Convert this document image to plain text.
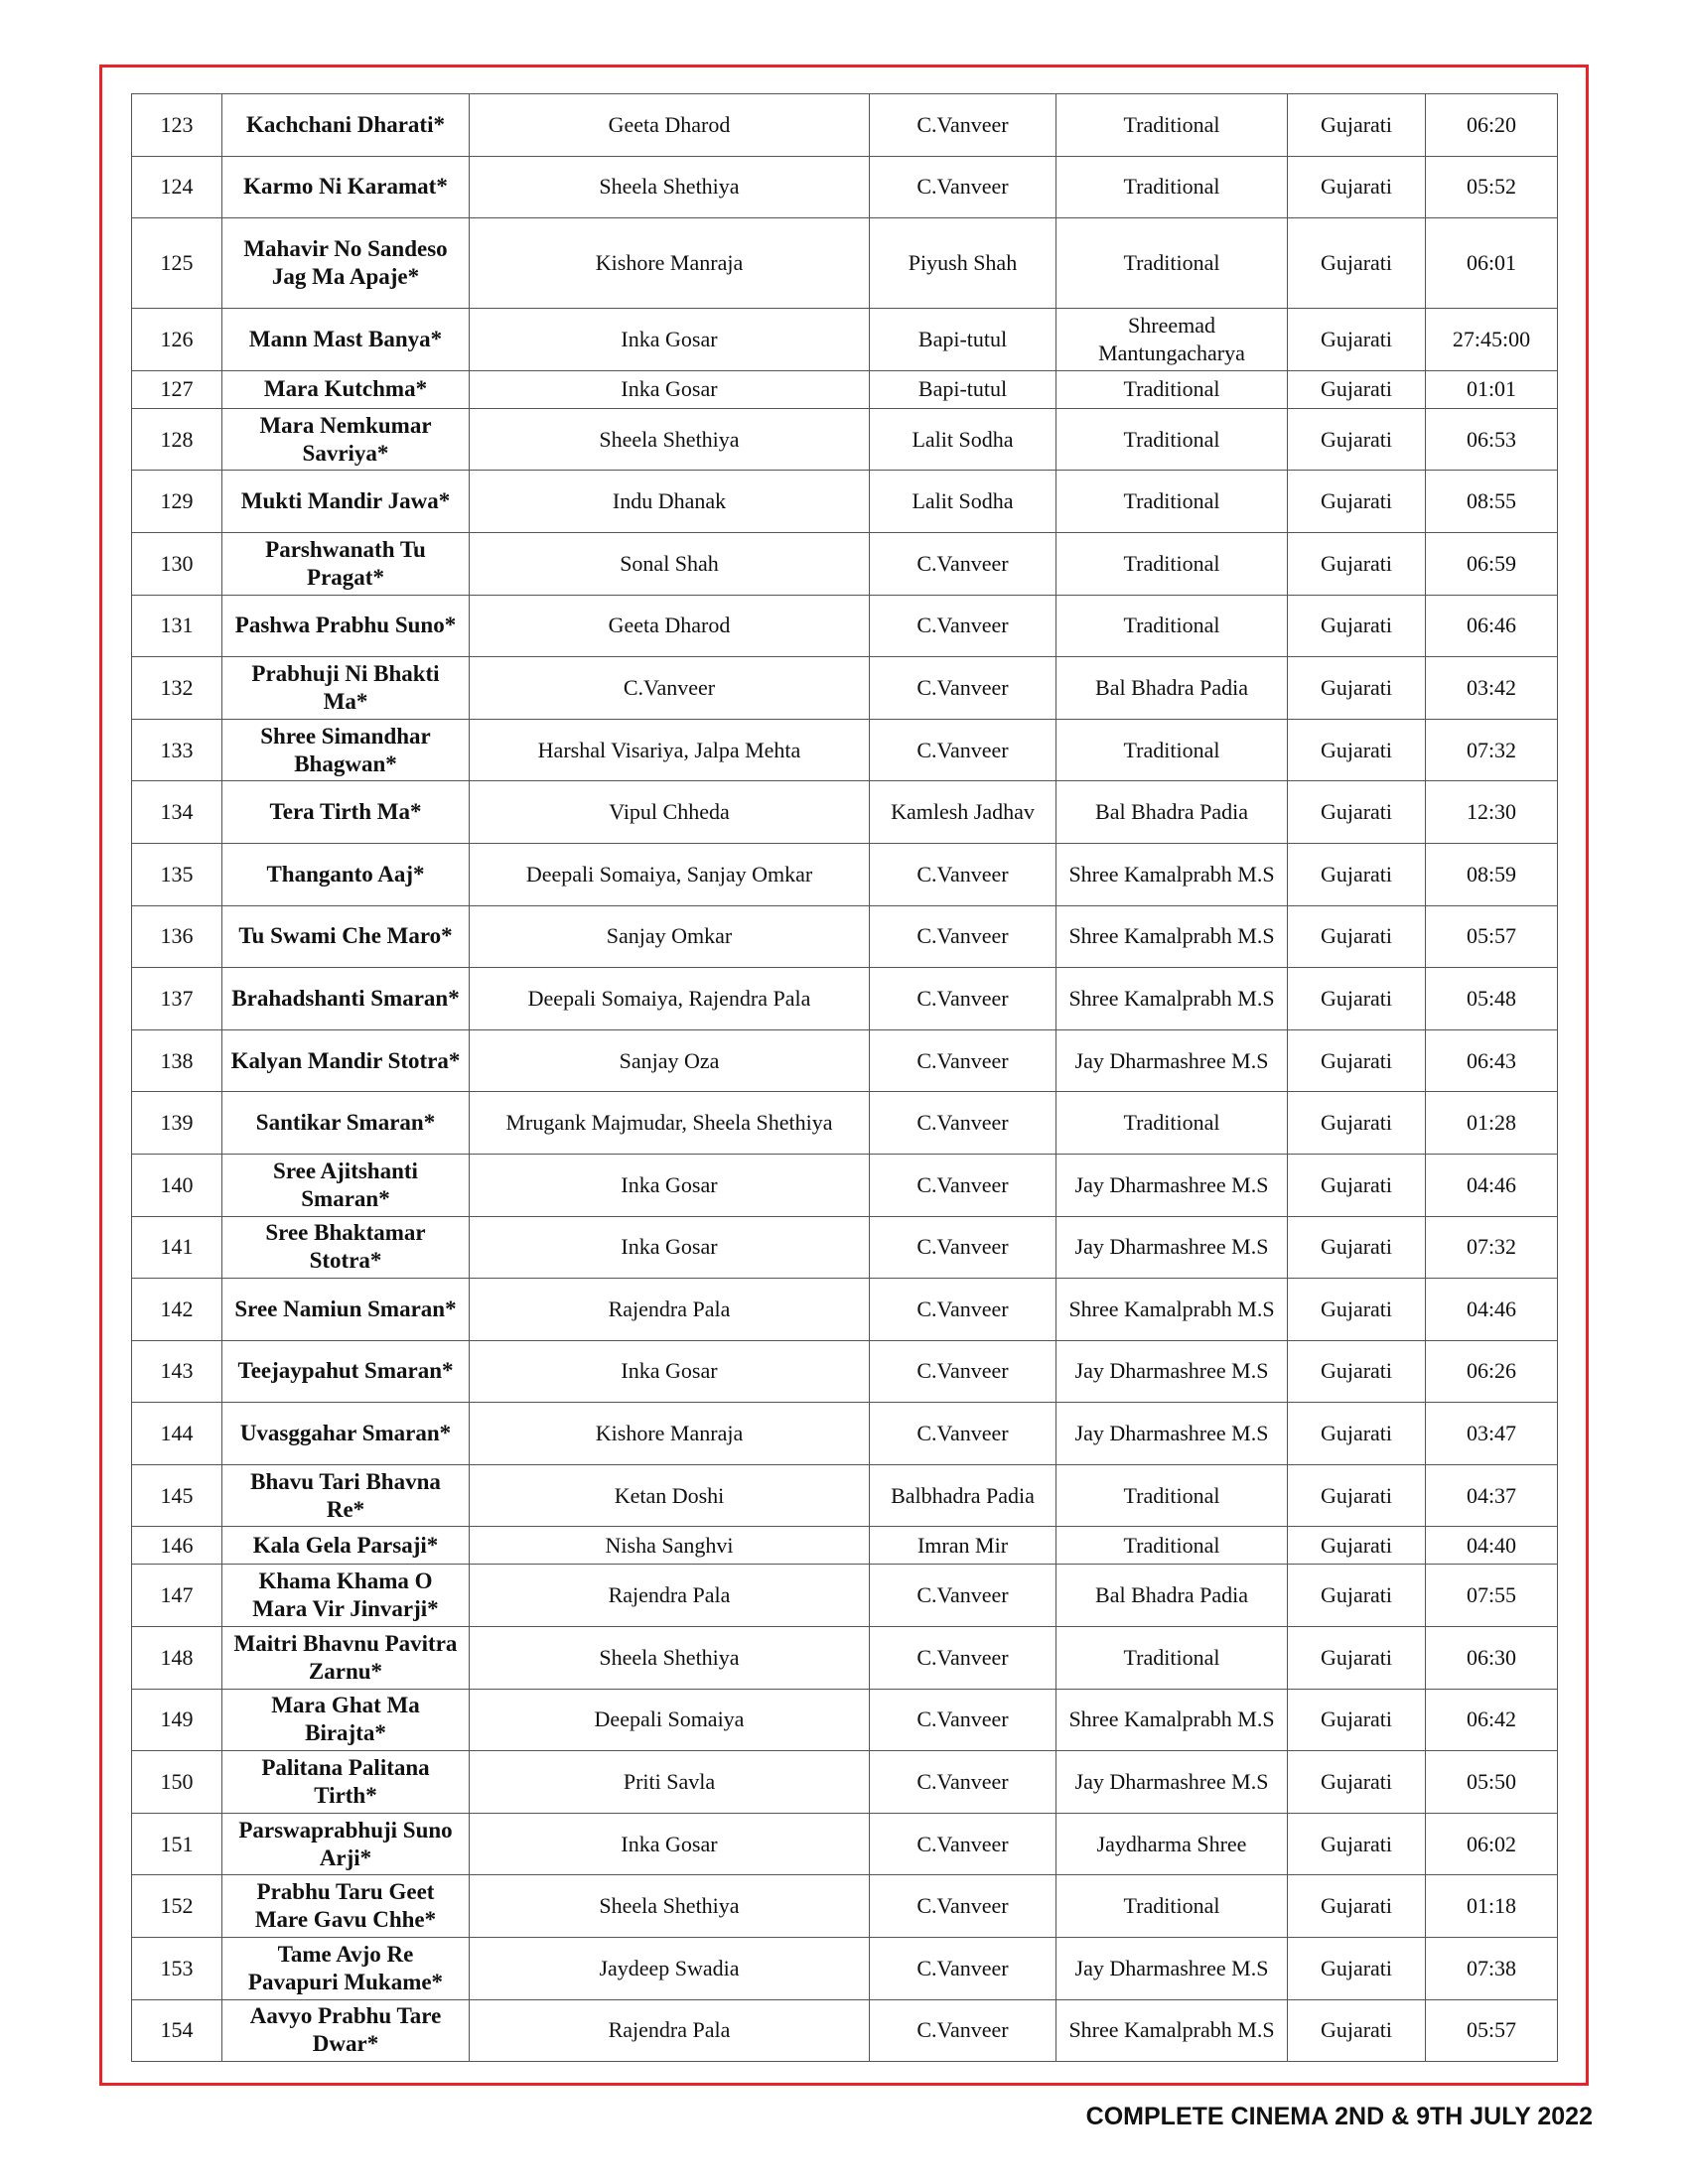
123	Kachchani Dharati*	Geeta Dharod	C.Vanveer	Traditional	Gujarati	06:20
124	Karmo Ni Karamat*	Sheela Shethiya	C.Vanveer	Traditional	Gujarati	05:52
125	Mahavir No Sandeso Jag Ma Apaje*	Kishore Manraja	Piyush Shah	Traditional	Gujarati	06:01
126	Mann Mast Banya*	Inka Gosar	Bapi-tutul	Shreemad Mantungacharya	Gujarati	27:45:00
127	Mara Kutchma*	Inka Gosar	Bapi-tutul	Traditional	Gujarati	01:01
128	Mara Nemkumar Savriya*	Sheela Shethiya	Lalit Sodha	Traditional	Gujarati	06:53
129	Mukti Mandir Jawa*	Indu Dhanak	Lalit Sodha	Traditional	Gujarati	08:55
130	Parshwanath Tu Pragat*	Sonal Shah	C.Vanveer	Traditional	Gujarati	06:59
131	Pashwa Prabhu Suno*	Geeta Dharod	C.Vanveer	Traditional	Gujarati	06:46
132	Prabhuji Ni Bhakti Ma*	C.Vanveer	C.Vanveer	Bal Bhadra Padia	Gujarati	03:42
133	Shree Simandhar Bhagwan*	Harshal Visariya, Jalpa Mehta	C.Vanveer	Traditional	Gujarati	07:32
134	Tera Tirth Ma*	Vipul Chheda	Kamlesh Jadhav	Bal Bhadra Padia	Gujarati	12:30
135	Thanganto Aaj*	Deepali Somaiya, Sanjay Omkar	C.Vanveer	Shree Kamalprabh M.S	Gujarati	08:59
136	Tu Swami Che Maro*	Sanjay Omkar	C.Vanveer	Shree Kamalprabh M.S	Gujarati	05:57
137	Brahadshanti Smaran*	Deepali Somaiya, Rajendra Pala	C.Vanveer	Shree Kamalprabh M.S	Gujarati	05:48
138	Kalyan Mandir Stotra*	Sanjay Oza	C.Vanveer	Jay Dharmashree M.S	Gujarati	06:43
139	Santikar Smaran*	Mrugank Majmudar, Sheela Shethiya	C.Vanveer	Traditional	Gujarati	01:28
140	Sree Ajitshanti Smaran*	Inka Gosar	C.Vanveer	Jay Dharmashree M.S	Gujarati	04:46
141	Sree Bhaktamar Stotra*	Inka Gosar	C.Vanveer	Jay Dharmashree M.S	Gujarati	07:32
142	Sree Namiun Smaran*	Rajendra Pala	C.Vanveer	Shree Kamalprabh M.S	Gujarati	04:46
143	Teejaypahut Smaran*	Inka Gosar	C.Vanveer	Jay Dharmashree M.S	Gujarati	06:26
144	Uvasggahar Smaran*	Kishore Manraja	C.Vanveer	Jay Dharmashree M.S	Gujarati	03:47
145	Bhavu Tari Bhavna Re*	Ketan Doshi	Balbhadra Padia	Traditional	Gujarati	04:37
146	Kala Gela Parsaji*	Nisha Sanghvi	Imran Mir	Traditional	Gujarati	04:40
147	Khama Khama O Mara Vir Jinvarji*	Rajendra Pala	C.Vanveer	Bal Bhadra Padia	Gujarati	07:55
148	Maitri Bhavnu Pavitra Zarnu*	Sheela Shethiya	C.Vanveer	Traditional	Gujarati	06:30
149	Mara Ghat Ma Birajta*	Deepali Somaiya	C.Vanveer	Shree Kamalprabh M.S	Gujarati	06:42
150	Palitana Palitana Tirth*	Priti Savla	C.Vanveer	Jay Dharmashree M.S	Gujarati	05:50
151	Parswaprabhuji Suno Arji*	Inka Gosar	C.Vanveer	Jaydharma Shree	Gujarati	06:02
152	Prabhu Taru Geet Mare Gavu Chhe*	Sheela Shethiya	C.Vanveer	Traditional	Gujarati	01:18
153	Tame Avjo Re Pavapuri Mukame*	Jaydeep Swadia	C.Vanveer	Jay Dharmashree M.S	Gujarati	07:38
154	Aavyo Prabhu Tare Dwar*	Rajendra Pala	C.Vanveer	Shree Kamalprabh M.S	Gujarati	05:57
COMPLETE CINEMA 2ND & 9TH JULY 2022
